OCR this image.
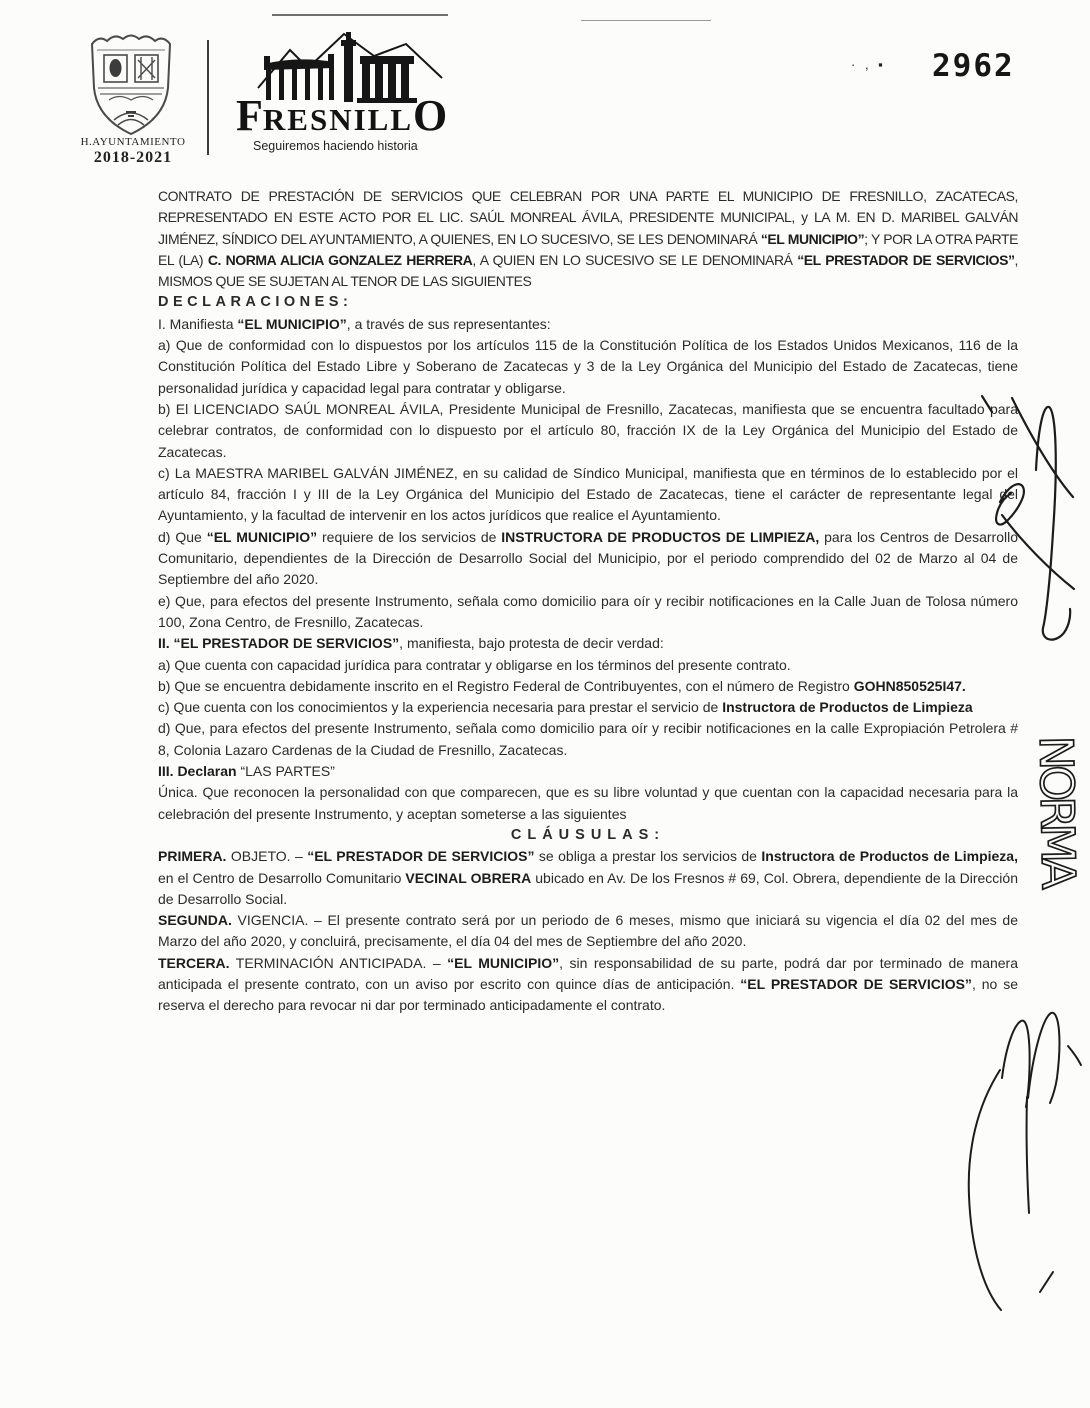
H.AYUNTAMIENTO
2018-2021
F RESNILL O
Seguiremos haciendo historia
· , ▪ 2962

CONTRATO DE PRESTACIÓN DE SERVICIOS QUE CELEBRAN POR UNA PARTE EL MUNICIPIO DE FRESNILLO, ZACATECAS, REPRESENTADO EN ESTE ACTO POR EL LIC. SAÚL MONREAL ÁVILA, PRESIDENTE MUNICIPAL, y LA M. EN D. MARIBEL GALVÁN JIMÉNEZ, SÍNDICO DEL AYUNTAMIENTO, A QUIENES, EN LO SUCESIVO, SE LES DENOMINARÁ “EL MUNICIPIO”; Y POR LA OTRA PARTE EL (LA) C. NORMA ALICIA GONZALEZ HERRERA, A QUIEN EN LO SUCESIVO SE LE DENOMINARÁ “EL PRESTADOR DE SERVICIOS”, MISMOS QUE SE SUJETAN AL TENOR DE LAS SIGUIENTES

DECLARACIONES:

I. Manifiesta “EL MUNICIPIO”, a través de sus representantes:

a) Que de conformidad con lo dispuestos por los artículos 115 de la Constitución Política de los Estados Unidos Mexicanos, 116 de la Constitución Política del Estado Libre y Soberano de Zacatecas y 3 de la Ley Orgánica del Municipio del Estado de Zacatecas, tiene personalidad jurídica y capacidad legal para contratar y obligarse.

b) El LICENCIADO SAÚL MONREAL ÁVILA, Presidente Municipal de Fresnillo, Zacatecas, manifiesta que se encuentra facultado para celebrar contratos, de conformidad con lo dispuesto por el artículo 80, fracción IX de la Ley Orgánica del Municipio del Estado de Zacatecas.

c) La MAESTRA MARIBEL GALVÁN JIMÉNEZ, en su calidad de Síndico Municipal, manifiesta que en términos de lo establecido por el artículo 84, fracción I y III de la Ley Orgánica del Municipio del Estado de Zacatecas, tiene el carácter de representante legal del Ayuntamiento, y la facultad de intervenir en los actos jurídicos que realice el Ayuntamiento.

d) Que “EL MUNICIPIO” requiere de los servicios de INSTRUCTORA DE PRODUCTOS DE LIMPIEZA, para los Centros de Desarrollo Comunitario, dependientes de la Dirección de Desarrollo Social del Municipio, por el periodo comprendido del 02 de Marzo al 04 de Septiembre del año 2020.

e) Que, para efectos del presente Instrumento, señala como domicilio para oír y recibir notificaciones en la Calle Juan de Tolosa número 100, Zona Centro, de Fresnillo, Zacatecas.

II. “EL PRESTADOR DE SERVICIOS”, manifiesta, bajo protesta de decir verdad:

a) Que cuenta con capacidad jurídica para contratar y obligarse en los términos del presente contrato.

b) Que se encuentra debidamente inscrito en el Registro Federal de Contribuyentes, con el número de Registro GOHN850525I47.

c) Que cuenta con los conocimientos y la experiencia necesaria para prestar el servicio de Instructora de Productos de Limpieza

d) Que, para efectos del presente Instrumento, señala como domicilio para oír y recibir notificaciones en la calle Expropiación Petrolera # 8, Colonia Lazaro Cardenas de la Ciudad de Fresnillo, Zacatecas.

III. Declaran “LAS PARTES”

Única. Que reconocen la personalidad con que comparecen, que es su libre voluntad y que cuentan con la capacidad necesaria para la celebración del presente Instrumento, y aceptan someterse a las siguientes

CLÁUSULAS:

PRIMERA. OBJETO. – “EL PRESTADOR DE SERVICIOS” se obliga a prestar los servicios de Instructora de Productos de Limpieza, en el Centro de Desarrollo Comunitario VECINAL OBRERA ubicado en Av. De los Fresnos # 69, Col. Obrera, dependiente de la Dirección de Desarrollo Social.

SEGUNDA. VIGENCIA. – El presente contrato será por un periodo de 6 meses, mismo que iniciará su vigencia el día 02 del mes de Marzo del año 2020, y concluirá, precisamente, el día 04 del mes de Septiembre del año 2020.

TERCERA. TERMINACIÓN ANTICIPADA. – “EL MUNICIPIO”, sin responsabilidad de su parte, podrá dar por terminado de manera anticipada el presente contrato, con un aviso por escrito con quince días de anticipación. “EL PRESTADOR DE SERVICIOS”, no se reserva el derecho para revocar ni dar por terminado anticipadamente el contrato.

NORMA
